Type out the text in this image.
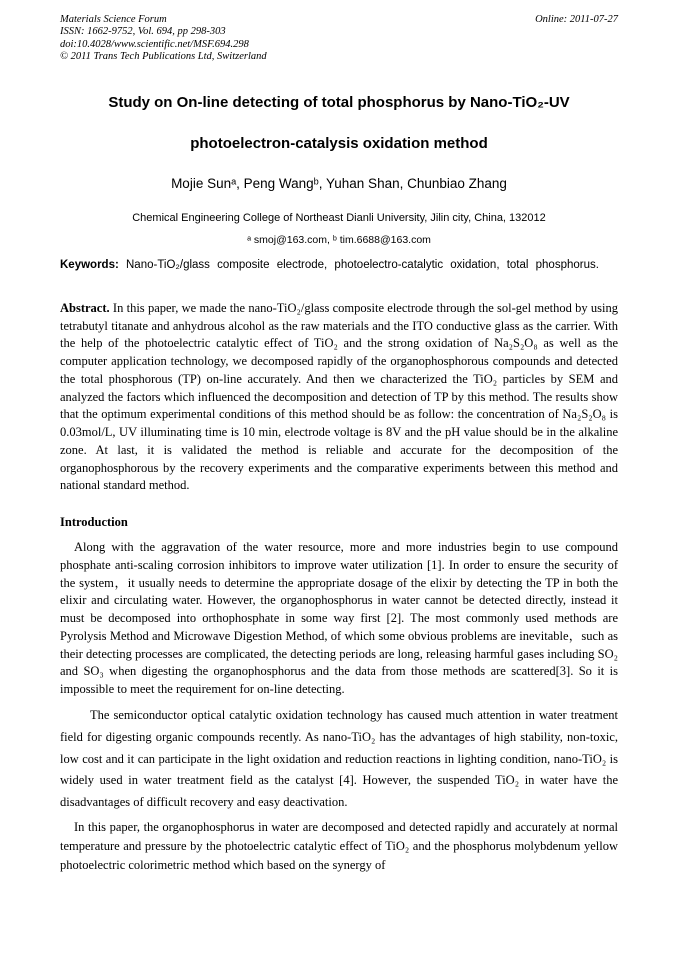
Materials Science Forum
ISSN: 1662-9752, Vol. 694, pp 298-303
doi:10.4028/www.scientific.net/MSF.694.298
© 2011 Trans Tech Publications Ltd, Switzerland
Online: 2011-07-27
Study on On-line detecting of total phosphorus by Nano-TiO₂-UV
photoelectron-catalysis oxidation method
Mojie Sunᵃ, Peng Wangᵇ, Yuhan Shan, Chunbiao Zhang
Chemical Engineering College of Northeast Dianli University, Jilin city, China, 132012
ᵃ smoj@163.com, ᵇ tim.6688@163.com

Keywords: Nano-TiO₂/glass composite electrode, photoelectro-catalytic oxidation, total phosphorus.

Abstract. In this paper, we made the nano-TiO₂/glass composite electrode through the sol-gel method by using tetrabutyl titanate and anhydrous alcohol as the raw materials and the ITO conductive glass as the carrier. With the help of the photoelectric catalytic effect of TiO₂ and the strong oxidation of Na₂S₂O₈ as well as the computer application technology, we decomposed rapidly of the organophosphorous compounds and detected the total phosphorous (TP) on-line accurately. And then we characterized the TiO₂ particles by SEM and analyzed the factors which influenced the decomposition and detection of TP by this method. The results show that the optimum experimental conditions of this method should be as follow: the concentration of Na₂S₂O₈ is 0.03mol/L, UV illuminating time is 10 min, electrode voltage is 8V and the pH value should be in the alkaline zone. At last, it is validated the method is reliable and accurate for the decomposition of the organophosphorous by the recovery experiments and the comparative experiments between this method and national standard method.

Introduction

Along with the aggravation of the water resource, more and more industries begin to use compound phosphate anti-scaling corrosion inhibitors to improve water utilization [1]. In order to ensure the security of the system，it usually needs to determine the appropriate dosage of the elixir by detecting the TP in both the elixir and circulating water. However, the organophosphorus in water cannot be detected directly, instead it must be decomposed into orthophosphate in some way first [2]. The most commonly used methods are Pyrolysis Method and Microwave Digestion Method, of which some obvious problems are inevitable，such as their detecting processes are complicated, the detecting periods are long, releasing harmful gases including SO₂ and SO₃ when digesting the organophosphorus and the data from those methods are scattered[3]. So it is impossible to meet the requirement for on-line detecting.

The semiconductor optical catalytic oxidation technology has caused much attention in water treatment field for digesting organic compounds recently. As nano-TiO₂ has the advantages of high stability, non-toxic, low cost and it can participate in the light oxidation and reduction reactions in lighting condition, nano-TiO₂ is widely used in water treatment field as the catalyst [4]. However, the suspended TiO₂ in water have the disadvantages of difficult recovery and easy deactivation.

In this paper, the organophosphorus in water are decomposed and detected rapidly and accurately at normal temperature and pressure by the photoelectric catalytic effect of TiO₂ and the phosphorus molybdenum yellow photoelectric colorimetric method which based on the synergy of
